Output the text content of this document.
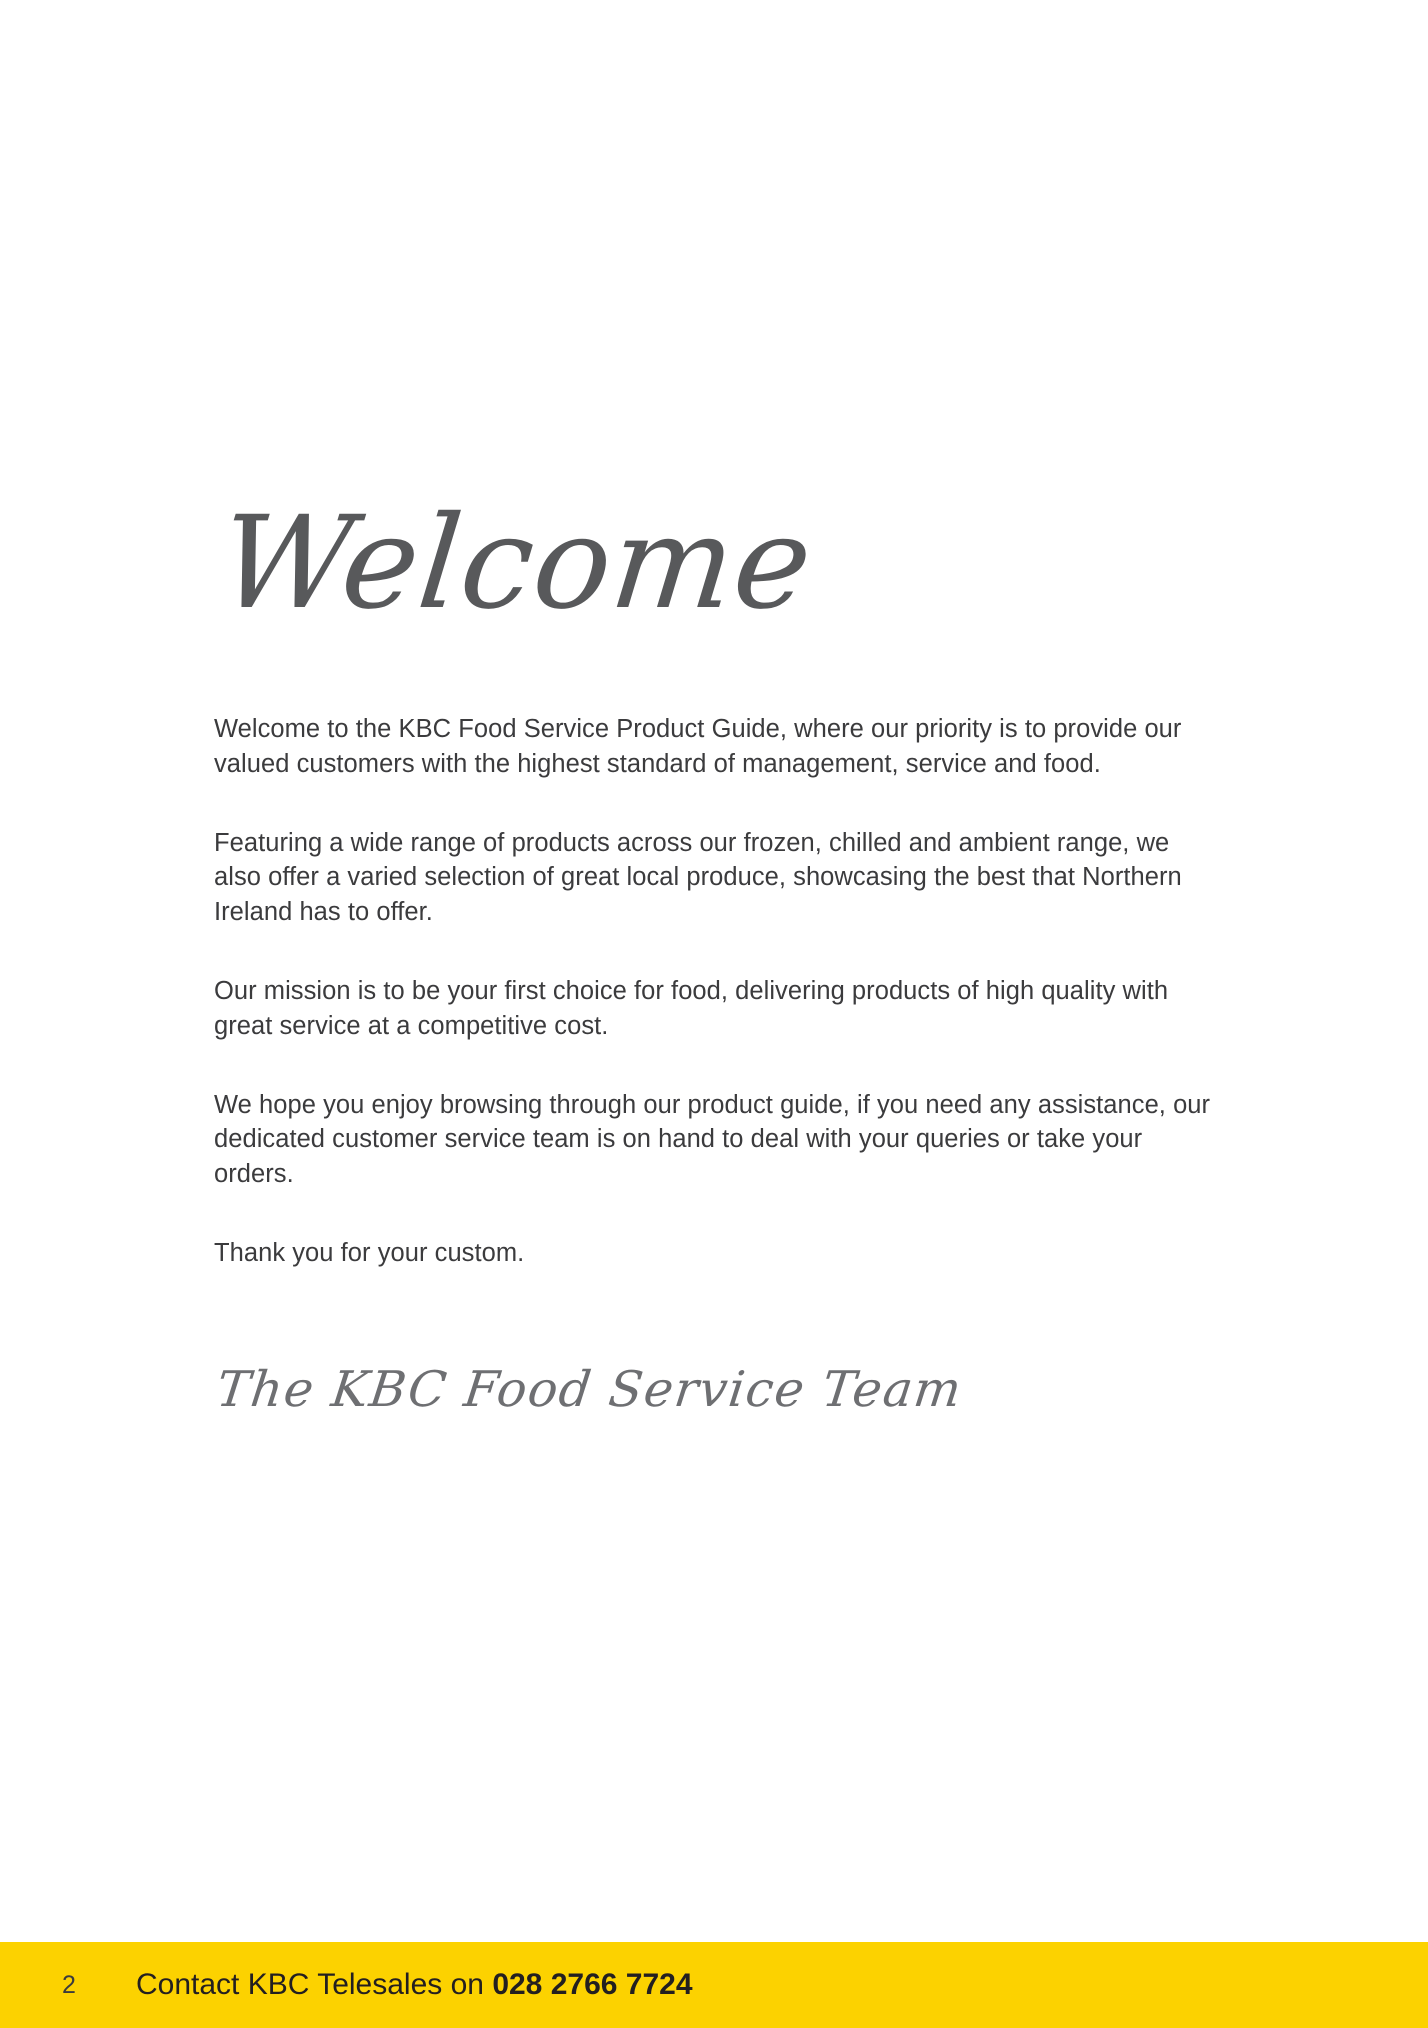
Welcome

Welcome to the KBC Food Service Product Guide, where our priority is to provide our valued customers with the highest standard of management, service and food.

Featuring a wide range of products across our frozen, chilled and ambient range, we also offer a varied selection of great local produce, showcasing the best that Northern Ireland has to offer.

Our mission is to be your first choice for food, delivering products of high quality with great service at a competitive cost.

We hope you enjoy browsing through our product guide, if you need any assistance, our dedicated customer service team is on hand to deal with your queries or take your orders.

Thank you for your custom.

The KBC Food Service Team
2	Contact KBC Telesales on 028 2766 7724
